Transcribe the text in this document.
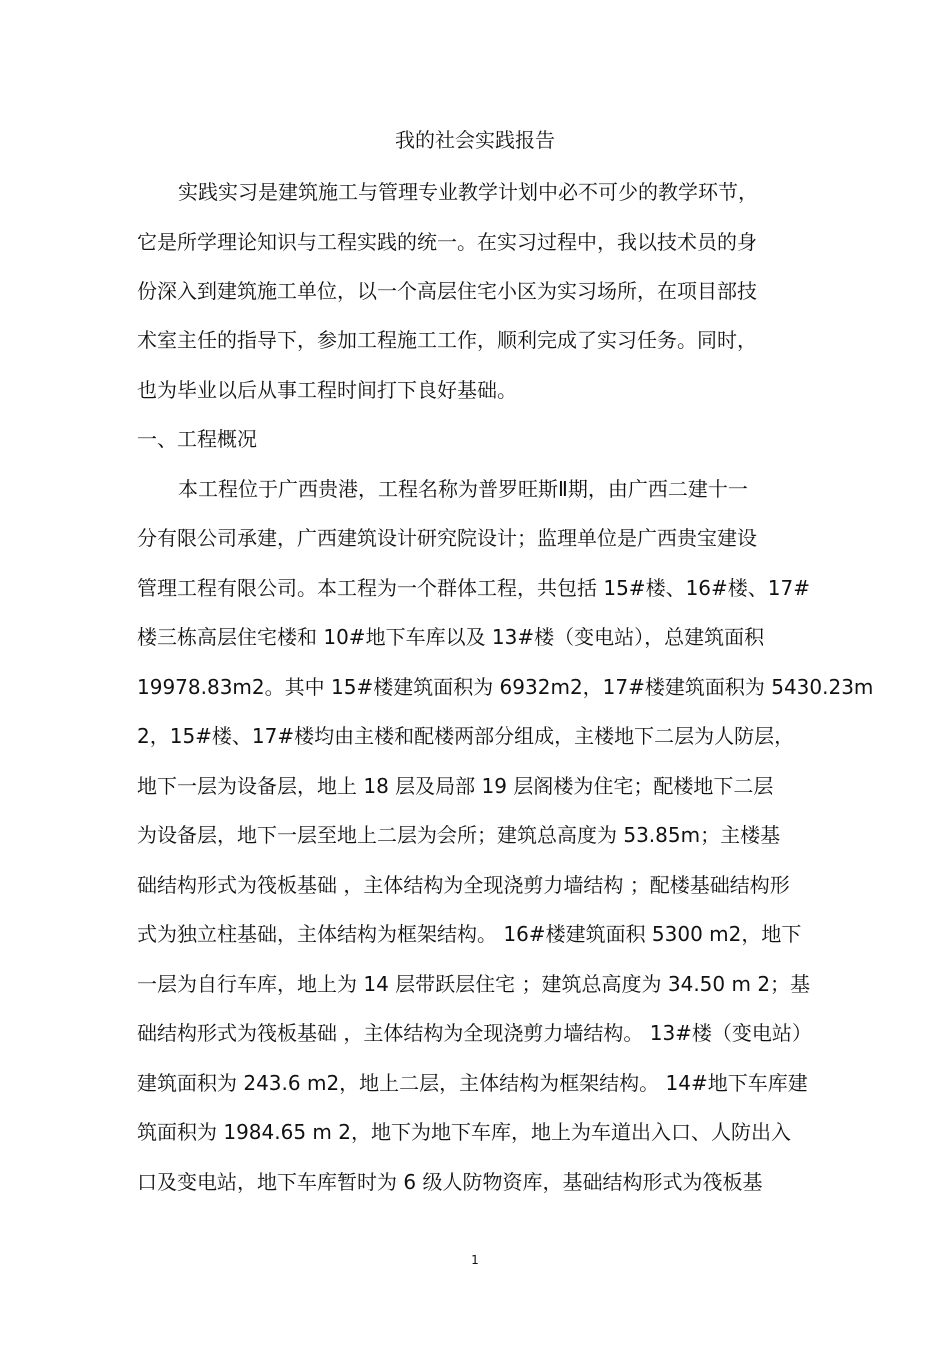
我的社会实践报告
实践实习是建筑施工与管理专业教学计划中必不可少的教学环节，
它是所学理论知识与工程实践的统一。在实习过程中，我以技术员的身
份深入到建筑施工单位，以一个高层住宅小区为实习场所，在项目部技
术室主任的指导下，参加工程施工工作，顺利完成了实习任务。同时，
也为毕业以后从事工程时间打下良好基础。
一、工程概况
本工程位于广西贵港，工程名称为普罗旺斯Ⅱ期，由广西二建十一
分有限公司承建，广西建筑设计研究院设计；监理单位是广西贵宝建设
管理工程有限公司。本工程为一个群体工程，共包括 15#楼、16#楼、17#
楼三栋高层住宅楼和 10#地下车库以及 13#楼（变电站），总建筑面积
19978.83m2。其中 15#楼建筑面积为 6932m2，17#楼建筑面积为 5430.23m
2，15#楼、17#楼均由主楼和配楼两部分组成，主楼地下二层为人防层，
地下一层为设备层，地上 18 层及局部 19 层阁楼为住宅；配楼地下二层
为设备层，地下一层至地上二层为会所；建筑总高度为 53.85m；主楼基
础结构形式为筏板基础 ，主体结构为全现浇剪力墙结构 ；配楼基础结构形
式为独立柱基础，主体结构为框架结构。 16#楼建筑面积 5300 m2，地下
一层为自行车库，地上为 14 层带跃层住宅 ；建筑总高度为 34.50 m 2；基
础结构形式为筏板基础 ，主体结构为全现浇剪力墙结构。 13#楼（变电站）
建筑面积为 243.6 m2，地上二层，主体结构为框架结构。 14#地下车库建
筑面积为 1984.65 m 2，地下为地下车库，地上为车道出入口、人防出入
口及变电站，地下车库暂时为 6 级人防物资库，基础结构形式为筏板基
1
